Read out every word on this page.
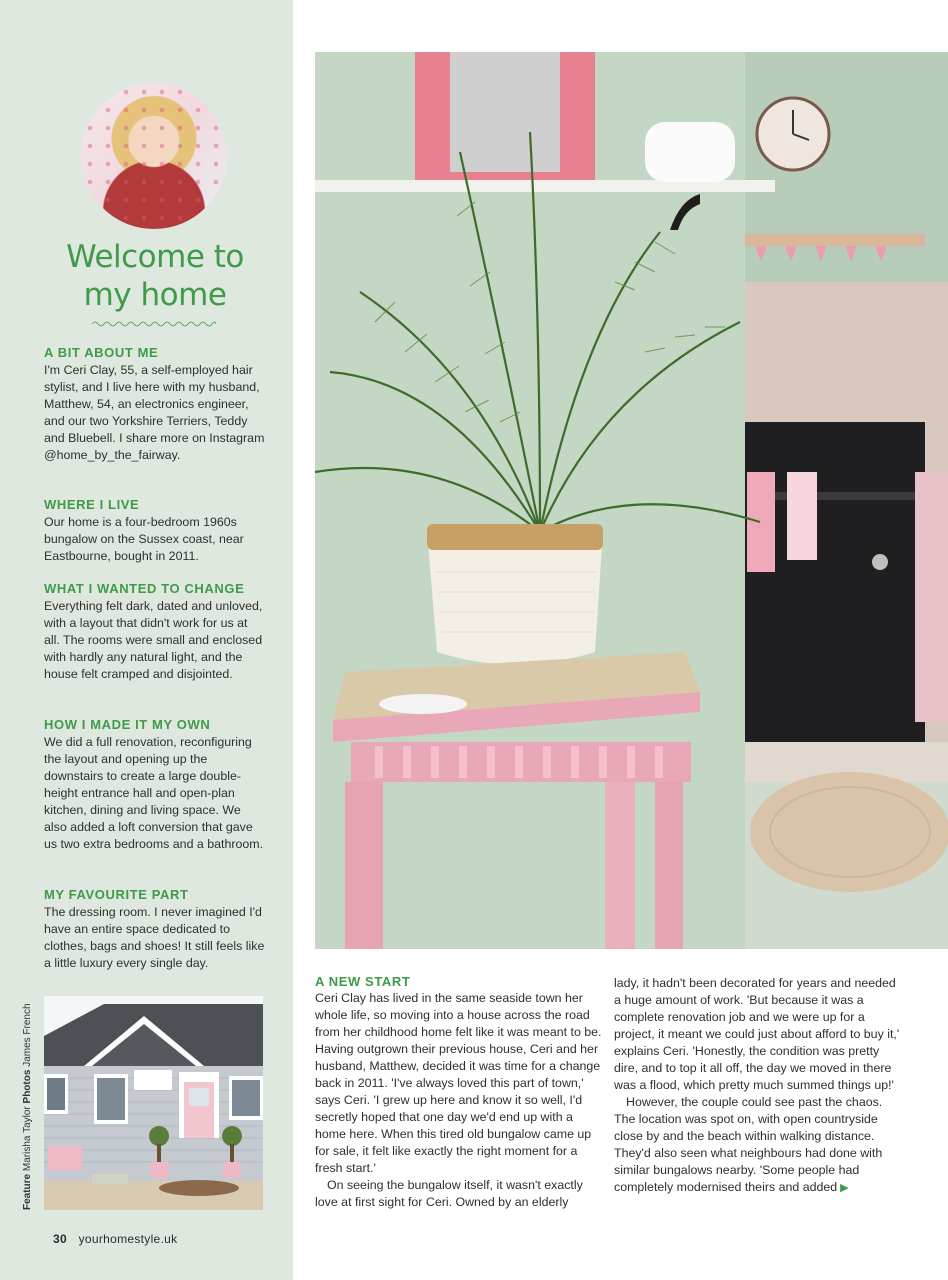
Welcome to
my home
A BIT ABOUT ME

I'm Ceri Clay, 55, a self-employed hair stylist, and I live here with my husband, Matthew, 54, an electronics engineer, and our two Yorkshire Terriers, Teddy and Bluebell. I share more on Instagram @home_by_the_fairway.

WHERE I LIVE

Our home is a four-bedroom 1960s bungalow on the Sussex coast, near Eastbourne, bought in 2011.

WHAT I WANTED TO CHANGE

Everything felt dark, dated and unloved, with a layout that didn't work for us at all. The rooms were small and enclosed with hardly any natural light, and the house felt cramped and disjointed.

HOW I MADE IT MY OWN

We did a full renovation, reconfiguring the layout and opening up the downstairs to create a large double-height entrance hall and open-plan kitchen, dining and living space. We also added a loft conversion that gave us two extra bedrooms and a bathroom.

MY FAVOURITE PART

The dressing room. I never imagined I'd have an entire space dedicated to clothes, bags and shoes! It still feels like a little luxury every single day.

Feature Marisha Taylor Photos James French
30 yourhomestyle.uk
A NEW START

Ceri Clay has lived in the same seaside town her whole life, so moving into a house across the road from her childhood home felt like it was meant to be. Having outgrown their previous house, Ceri and her husband, Matthew, decided it was time for a change back in 2011. 'I've always loved this part of town,' says Ceri. 'I grew up here and know it so well, I'd secretly hoped that one day we'd end up with a home here. When this tired old bungalow came up for sale, it felt like exactly the right moment for a fresh start.'

On seeing the bungalow itself, it wasn't exactly love at first sight for Ceri. Owned by an elderly

lady, it hadn't been decorated for years and needed a huge amount of work. 'But because it was a complete renovation job and we were up for a project, it meant we could just about afford to buy it,' explains Ceri. 'Honestly, the condition was pretty dire, and to top it all off, the day we moved in there was a flood, which pretty much summed things up!'

However, the couple could see past the chaos. The location was spot on, with open countryside close by and the beach within walking distance. They'd also seen what neighbours had done with similar bungalows nearby. 'Some people had completely modernised theirs and added ▶
